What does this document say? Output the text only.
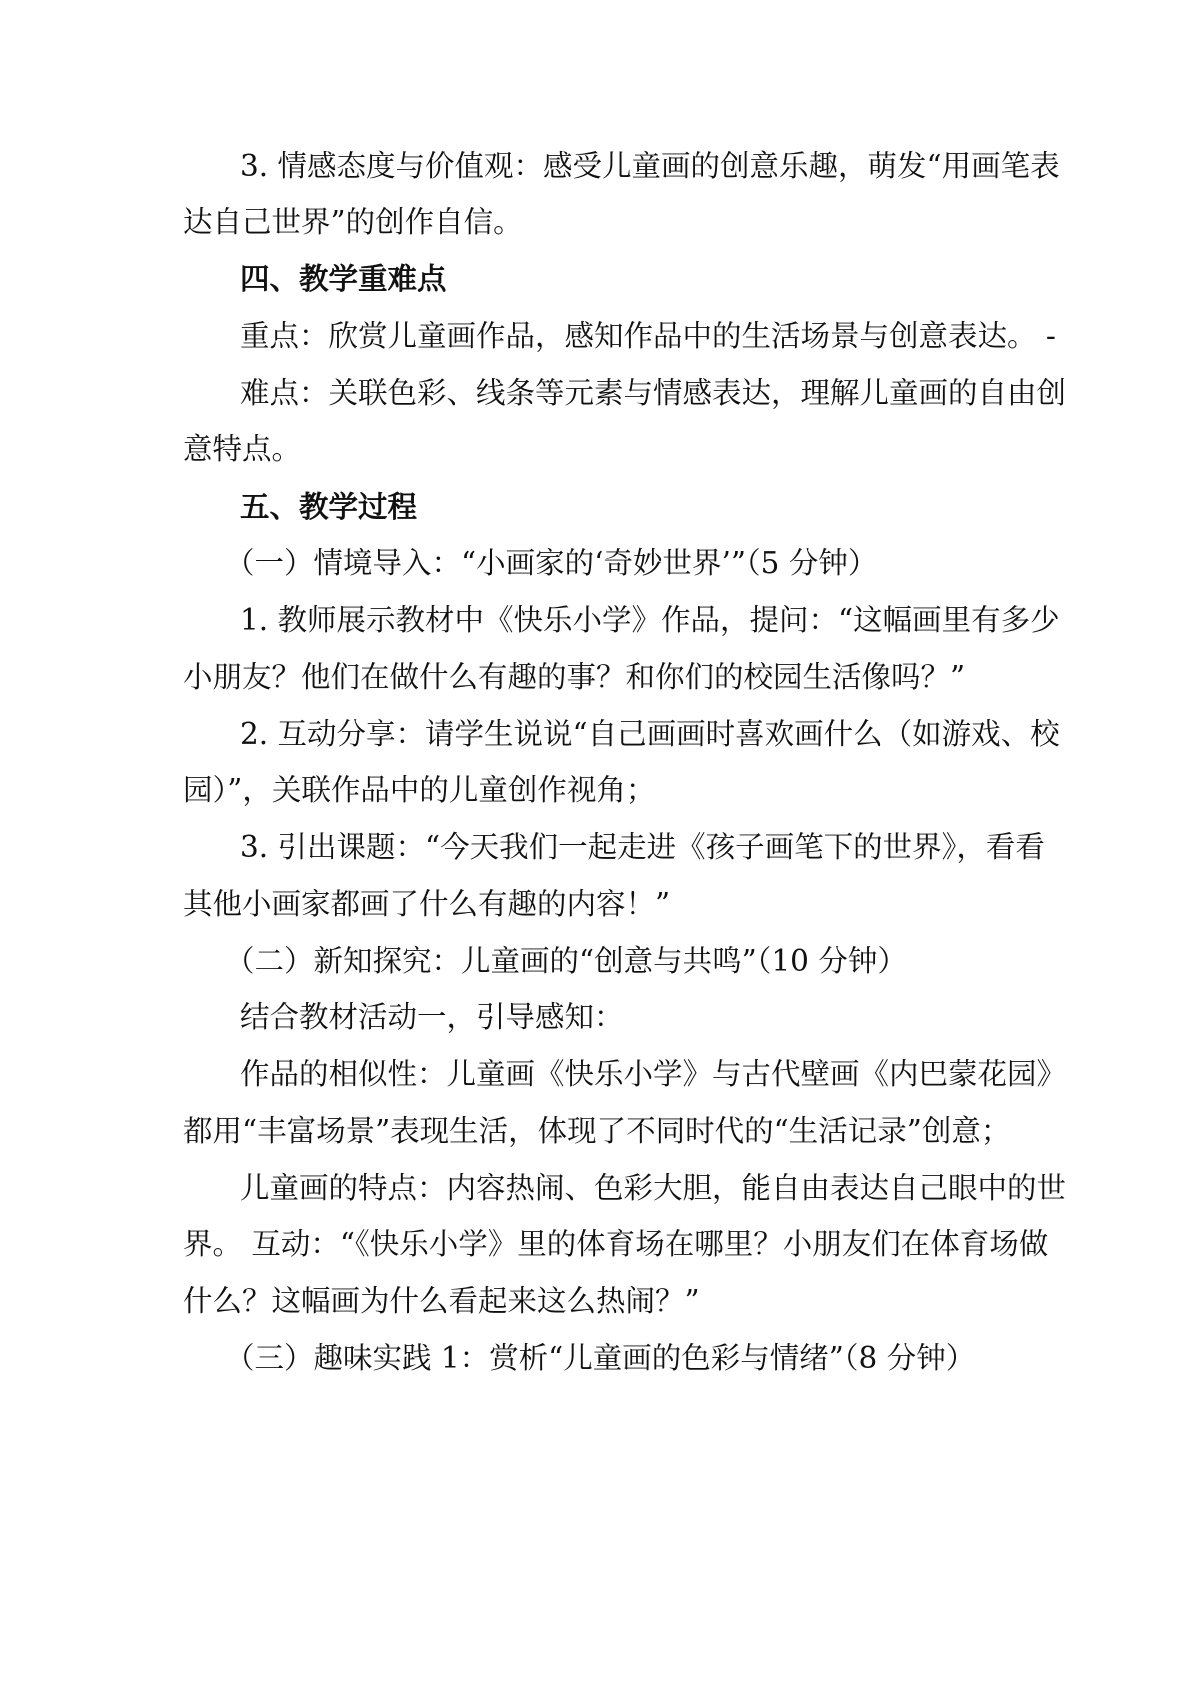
3. 情感态度与价值观：感受儿童画的创意乐趣，萌发“用画笔表
达自己世界”的创作自信。
四、教学重难点
重点：欣赏儿童画作品，感知作品中的生活场景与创意表达。 -
难点：关联色彩、线条等元素与情感表达，理解儿童画的自由创
意特点。
五、教学过程
（一）情境导入：“小画家的‘奇妙世界’”（5 分钟）
1. 教师展示教材中《快乐小学》作品，提问：“这幅画里有多少
小朋友？他们在做什么有趣的事？和你们的校园生活像吗？”
2. 互动分享：请学生说说“自己画画时喜欢画什么（如游戏、校
园）”，关联作品中的儿童创作视角；
3. 引出课题：“今天我们一起走进《孩子画笔下的世界》，看看
其他小画家都画了什么有趣的内容！”
（二）新知探究：儿童画的“创意与共鸣”（10 分钟）
结合教材活动一，引导感知：
作品的相似性：儿童画《快乐小学》与古代壁画《内巴蒙花园》
都用“丰富场景”表现生活，体现了不同时代的“生活记录”创意；
儿童画的特点：内容热闹、色彩大胆，能自由表达自己眼中的世
界。 互动：“《快乐小学》里的体育场在哪里？小朋友们在体育场做
什么？这幅画为什么看起来这么热闹？”
（三）趣味实践 1：赏析“儿童画的色彩与情绪”（8 分钟）
